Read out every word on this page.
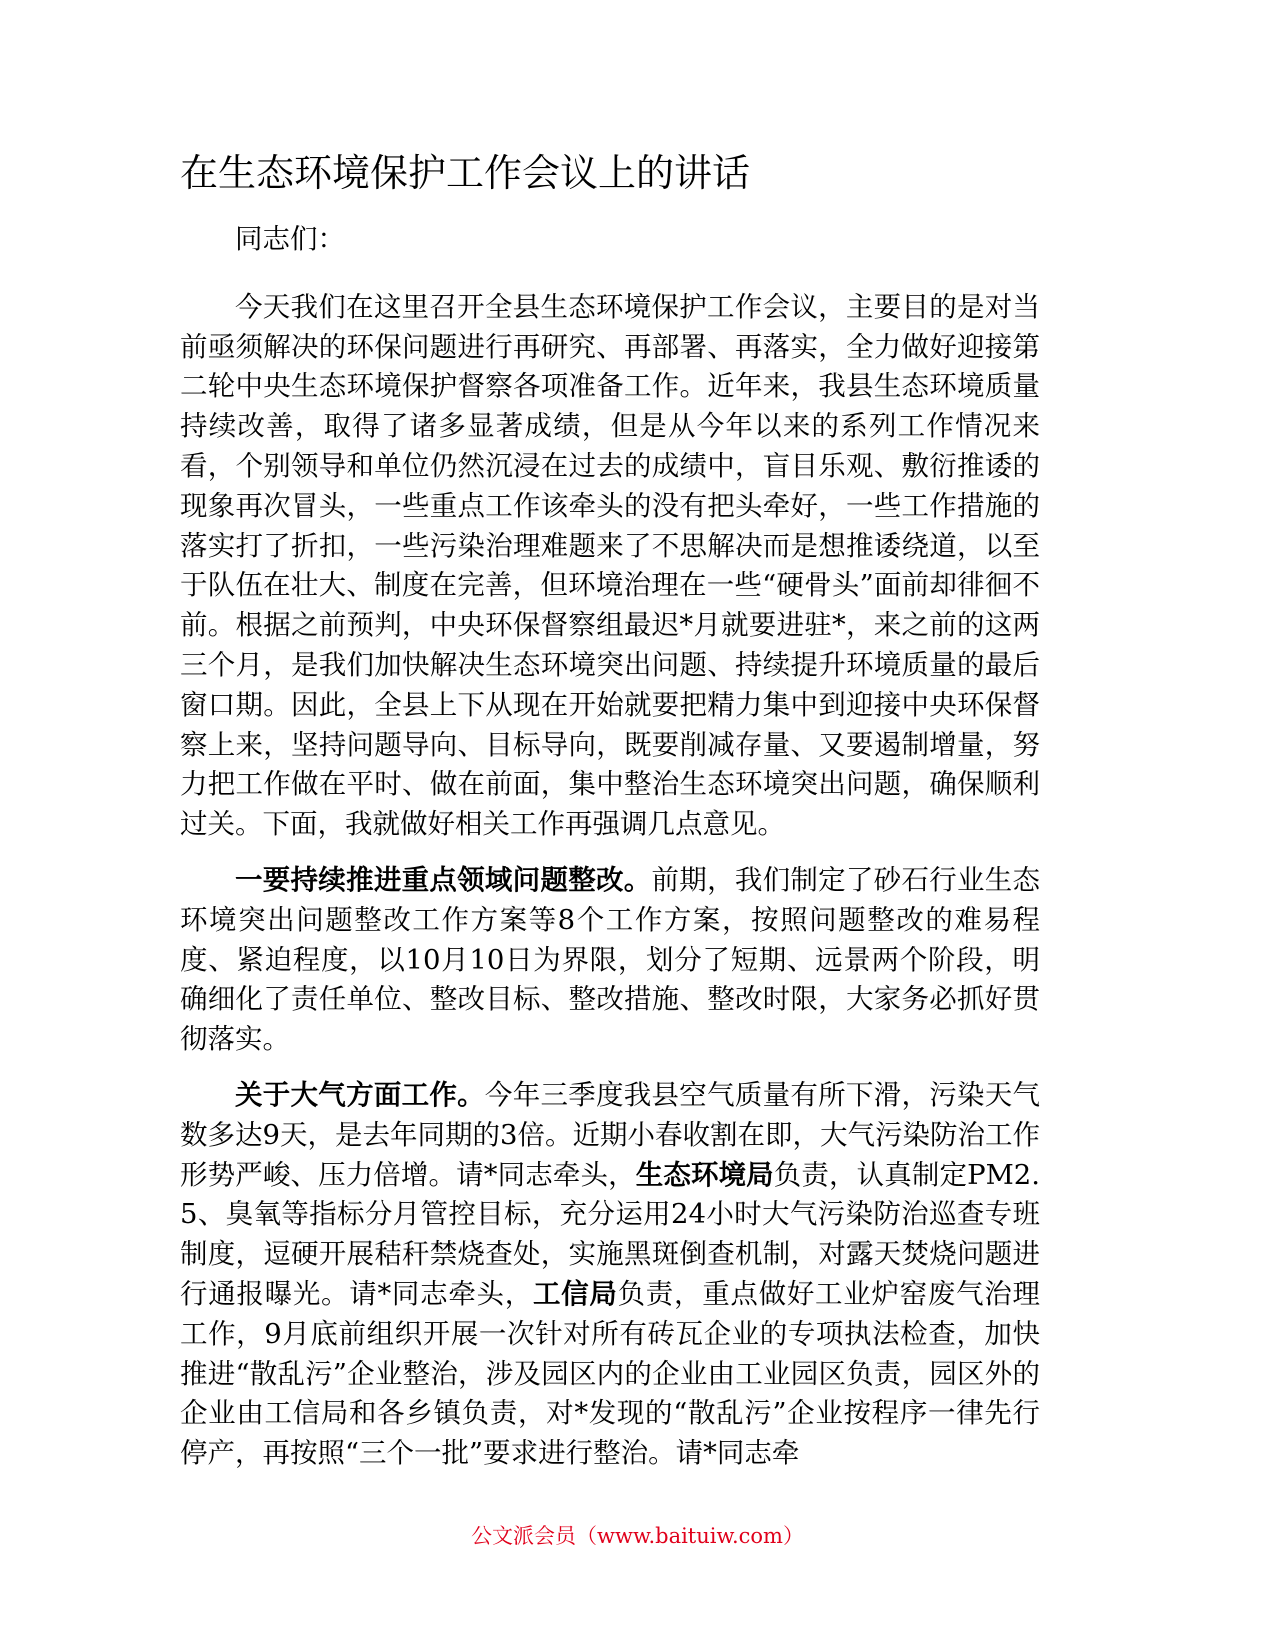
在生态环境保护工作会议上的讲话

同志们：

今天我们在这里召开全县生态环境保护工作会议，主要目的是对当前亟须解决的环保问题进行再研究、再部署、再落实，全力做好迎接第二轮中央生态环境保护督察各项准备工作。近年来，我县生态环境质量持续改善，取得了诸多显著成绩，但是从今年以来的系列工作情况来看，个别领导和单位仍然沉浸在过去的成绩中，盲目乐观、敷衍推诿的现象再次冒头，一些重点工作该牵头的没有把头牵好，一些工作措施的落实打了折扣，一些污染治理难题来了不思解决而是想推诿绕道，以至于队伍在壮大、制度在完善，但环境治理在一些“硬骨头”面前却徘徊不前。根据之前预判，中央环保督察组最迟*月就要进驻*，来之前的这两三个月，是我们加快解决生态环境突出问题、持续提升环境质量的最后窗口期。因此，全县上下从现在开始就要把精力集中到迎接中央环保督察上来，坚持问题导向、目标导向，既要削减存量、又要遏制增量，努力把工作做在平时、做在前面，集中整治生态环境突出问题，确保顺利过关。下面，我就做好相关工作再强调几点意见。

一要持续推进重点领域问题整改。前期，我们制定了砂石行业生态环境突出问题整改工作方案等8个工作方案，按照问题整改的难易程度、紧迫程度，以10月10日为界限，划分了短期、远景两个阶段，明确细化了责任单位、整改目标、整改措施、整改时限，大家务必抓好贯彻落实。

关于大气方面工作。今年三季度我县空气质量有所下滑，污染天气数多达9天，是去年同期的3倍。近期小春收割在即，大气污染防治工作形势严峻、压力倍增。请*同志牵头，生态环境局负责，认真制定PM2.5、臭氧等指标分月管控目标，充分运用24小时大气污染防治巡查专班制度，逗硬开展秸秆禁烧查处，实施黑斑倒查机制，对露天焚烧问题进行通报曝光。请*同志牵头，工信局负责，重点做好工业炉窑废气治理工作，9月底前组织开展一次针对所有砖瓦企业的专项执法检查，加快推进“散乱污”企业整治，涉及园区内的企业由工业园区负责，园区外的企业由工信局和各乡镇负责，对*发现的“散乱污”企业按程序一律先行停产，再按照“三个一批”要求进行整治。请*同志牵

公文派会员（www.baituiw.com）
